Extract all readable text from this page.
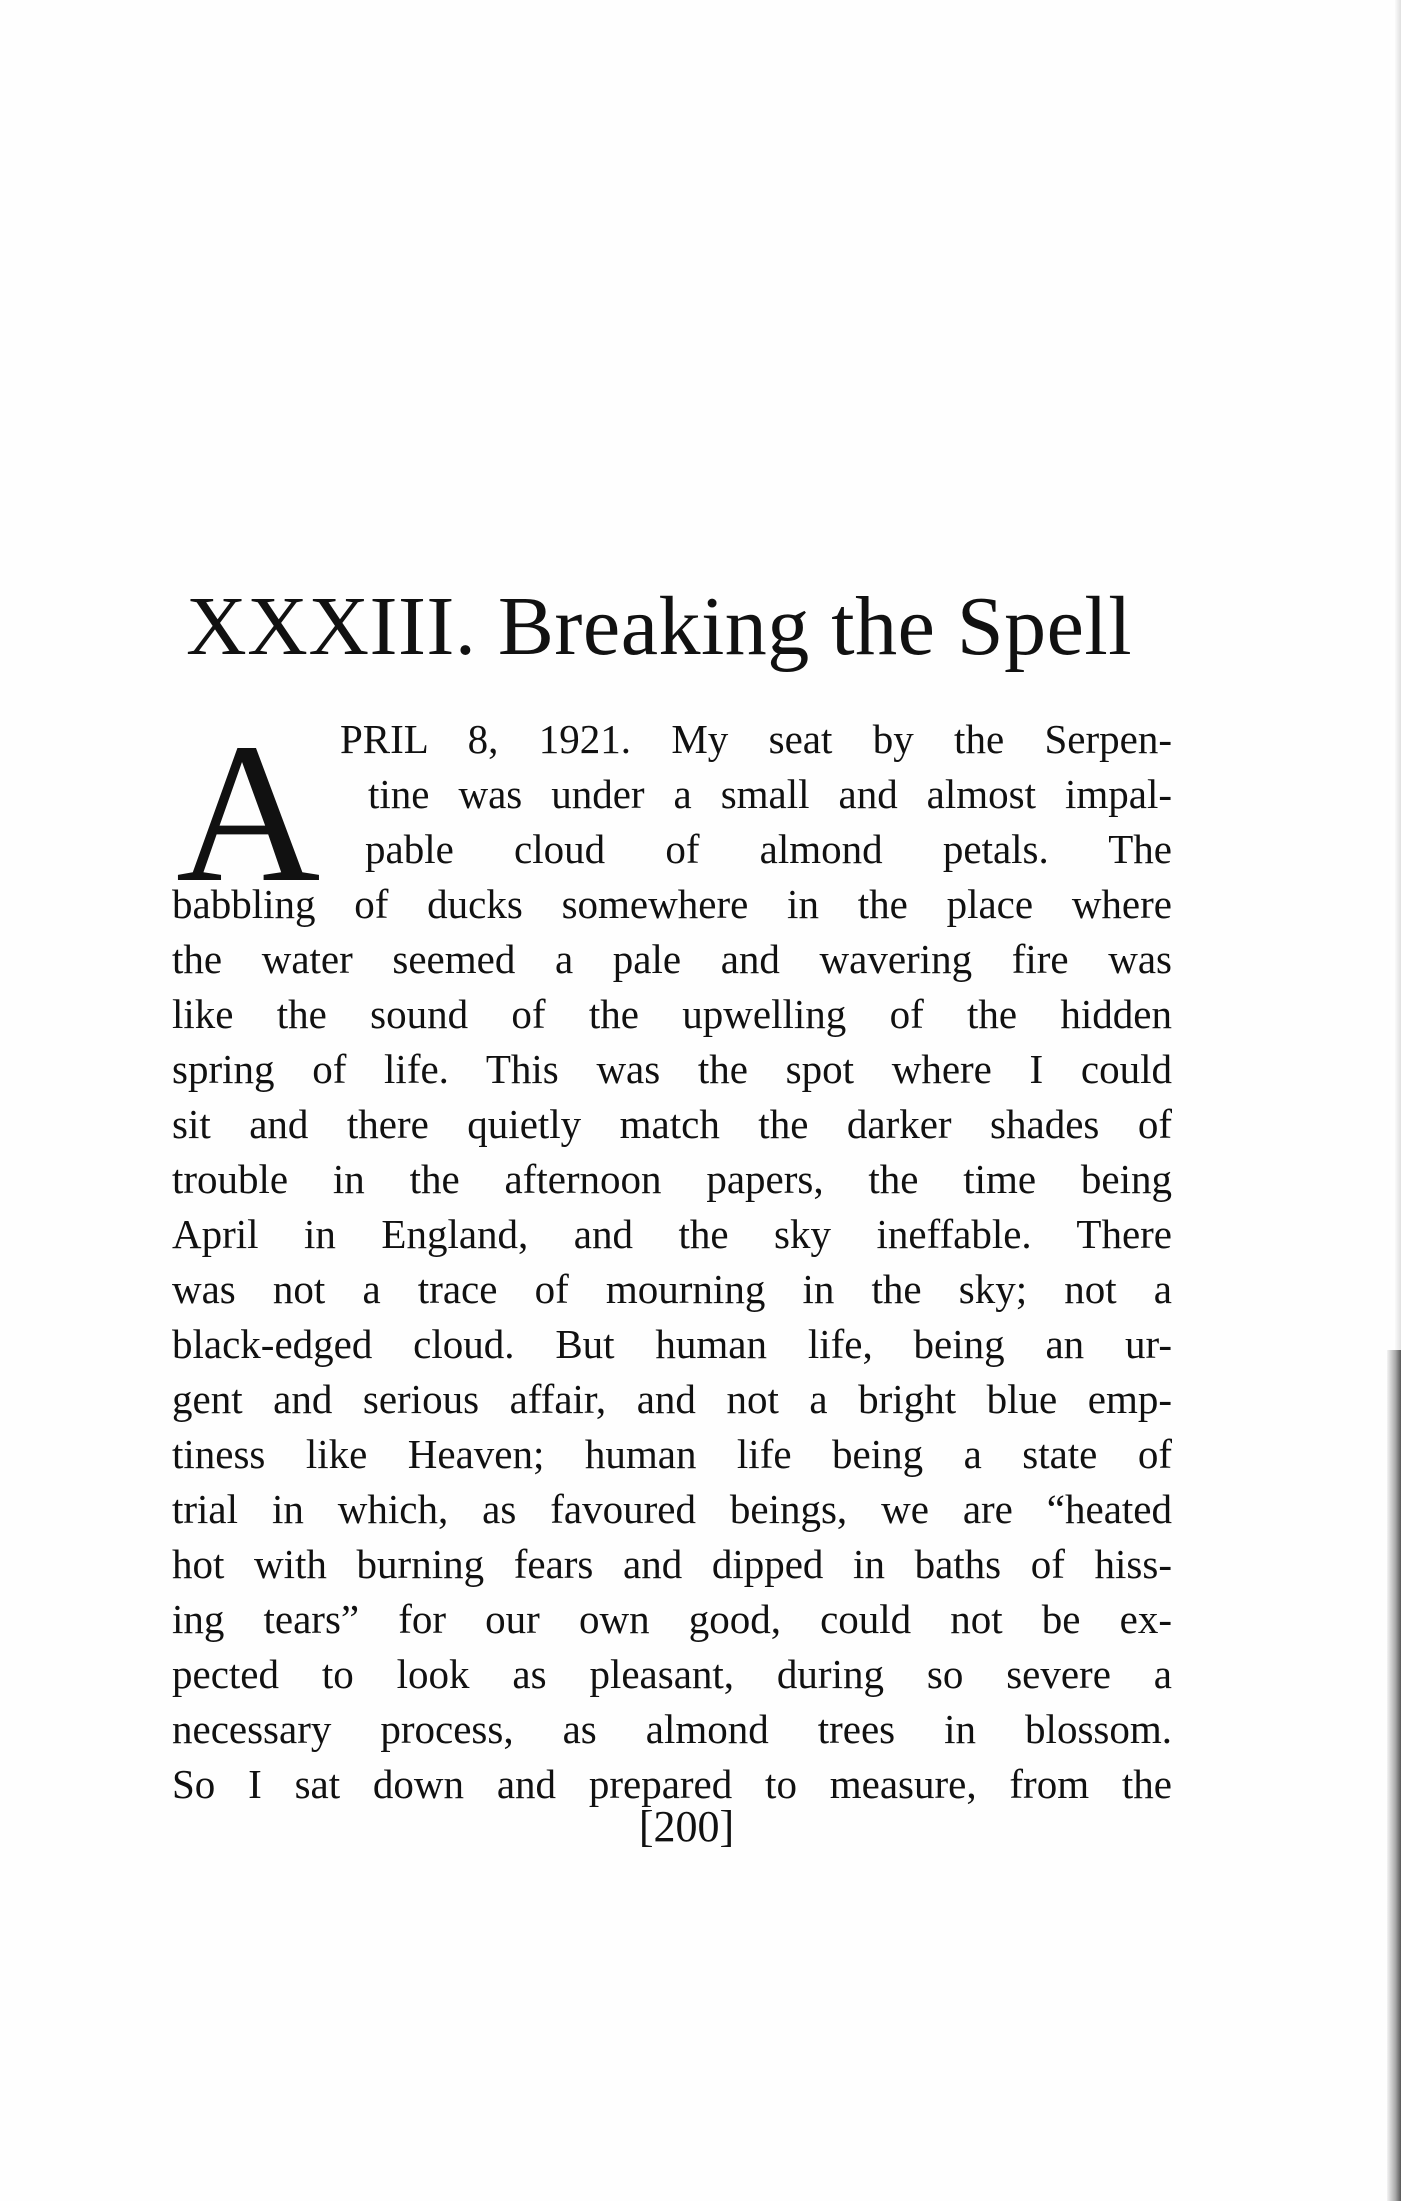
XXXIII. Breaking the Spell
A PRIL 8, 1921. My seat by the Serpen-
tine was under a small and almost impal-
pable cloud of almond petals. The
babbling of ducks somewhere in the place where
the water seemed a pale and wavering fire was
like the sound of the upwelling of the hidden
spring of life. This was the spot where I could
sit and there quietly match the darker shades of
trouble in the afternoon papers, the time being
April in England, and the sky ineffable. There
was not a trace of mourning in the sky; not a
black-edged cloud. But human life, being an ur-
gent and serious affair, and not a bright blue emp-
tiness like Heaven; human life being a state of
trial in which, as favoured beings, we are “heated
hot with burning fears and dipped in baths of hiss-
ing tears” for our own good, could not be ex-
pected to look as pleasant, during so severe a
necessary process, as almond trees in blossom.
So I sat down and prepared to measure, from the
[200]
